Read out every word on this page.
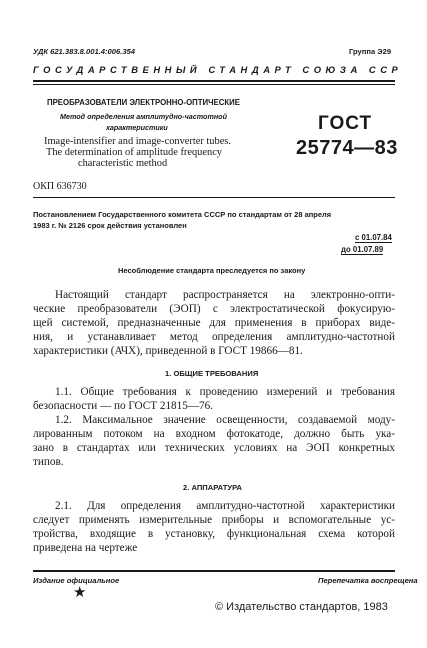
УДК 621.383.8.001.4:006.354	Группа Э29
ГОСУДАРСТВЕННЫЙ СТАНДАРТ СОЮЗА ССР
ПРЕОБРАЗОВАТЕЛИ ЭЛЕКТРОННО-ОПТИЧЕСКИЕ
Метод определения амплитудно-частотной
характеристики
Image-intensifier and image-converter tubes.
The determination of amplitude frequency
characteristic method
ГОСТ
25774—83
ОКП 636730
Постановлением Государственного комитета СССР по стандартам от 28 апреля
1983 г. № 2126 срок действия установлен
с 01.07.84
до 01.07.89
Несоблюдение стандарта преследуется по закону
Настоящий стандарт распространяется на электронно-опти-
ческие преобразователи (ЭОП) с электростатической фокусирую-
щей системой, предназначенные для применения в приборах виде-
ния, и устанавливает метод определения амплитудно-частотной
характеристики (АЧХ), приведенной в ГОСТ 19866—81.
1. ОБЩИЕ ТРЕБОВАНИЯ
1.1. Общие требования к проведению измерений и требования
безопасности — по ГОСТ 21815—76.
1.2. Максимальное значение освещенности, создаваемой моду-
лированным потоком на входном фотокатоде, должно быть ука-
зано в стандартах или технических условиях на ЭОП конкретных
типов.
2. АППАРАТУРА
2.1. Для определения амплитудно-частотной характеристики
следует применять измерительные приборы и вспомогательные ус-
тройства, входящие в установку, функциональная схема которой
приведена на чертеже
Издание официальное	Перепечатка воспрещена
★
© Издательство стандартов, 1983
